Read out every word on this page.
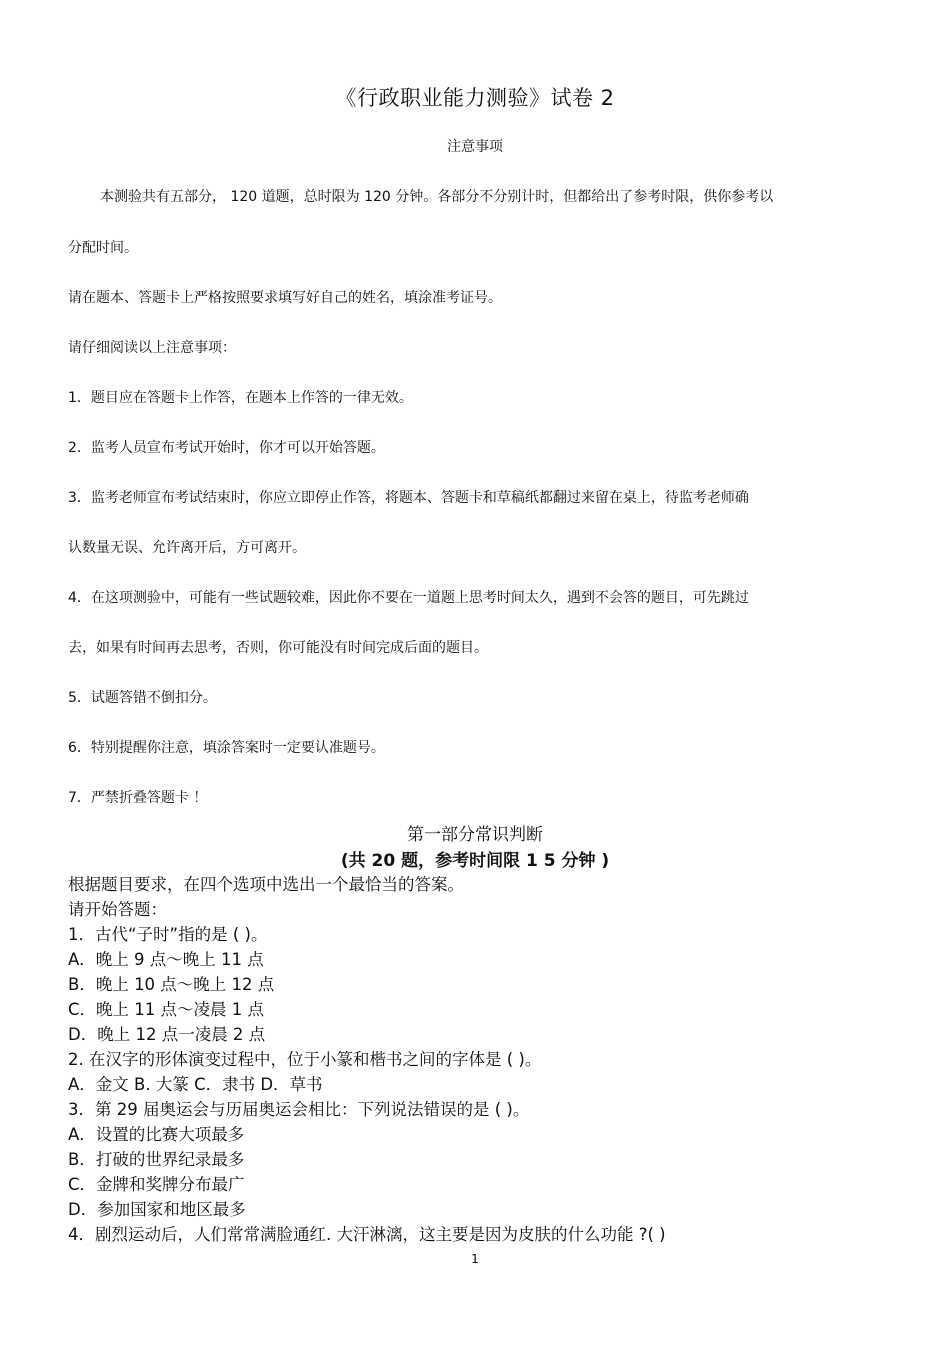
《行政职业能力测验》试卷 2
注意事项
本测验共有五部分， 120 道题，总时限为 120 分钟。各部分不分别计时，但都给出了参考时限，供你参考以
分配时间。
请在题本、答题卡上严格按照要求填写好自己的姓名，填涂准考证号。
请仔细阅读以上注意事项：
1．题目应在答题卡上作答，在题本上作答的一律无效。
2．监考人员宣布考试开始时，你才可以开始答题。
3．监考老师宣布考试结束时，你应立即停止作答，将题本、答题卡和草稿纸都翻过来留在桌上，待监考老师确
认数量无误、允许离开后，方可离开。
4．在这项测验中，可能有一些试题较难，因此你不要在一道题上思考时间太久，遇到不会答的题目，可先跳过
去，如果有时间再去思考，否则，你可能没有时间完成后面的题目。
5．试题答错不倒扣分。
6．特别提醒你注意，填涂答案时一定要认准题号。
7．严禁折叠答题卡 ！
第一部分常识判断
(共 20 题，参考时间限 1 5 分钟 )
根据题目要求，在四个选项中选出一个最恰当的答案。
请开始答题：
1．古代“子时”指的是 ( )。
A．晚上 9 点～晚上 11 点
B．晚上 10 点～晚上 12 点
C．晚上 11 点～凌晨 1 点
D．晚上 12 点一凌晨 2 点
2. 在汉字的形体演变过程中，位于小篆和楷书之间的字体是 ( )。
A．金文 B. 大篆 C．隶书 D．草书
3．第 29 届奥运会与历届奥运会相比：下列说法错误的是 ( )。
A．设置的比赛大项最多
B．打破的世界纪录最多
C．金牌和奖牌分布最广
D．参加国家和地区最多
4．剧烈运动后，人们常常满脸通红. 大汗淋漓，这主要是因为皮肤的什么功能 ?( )
1
